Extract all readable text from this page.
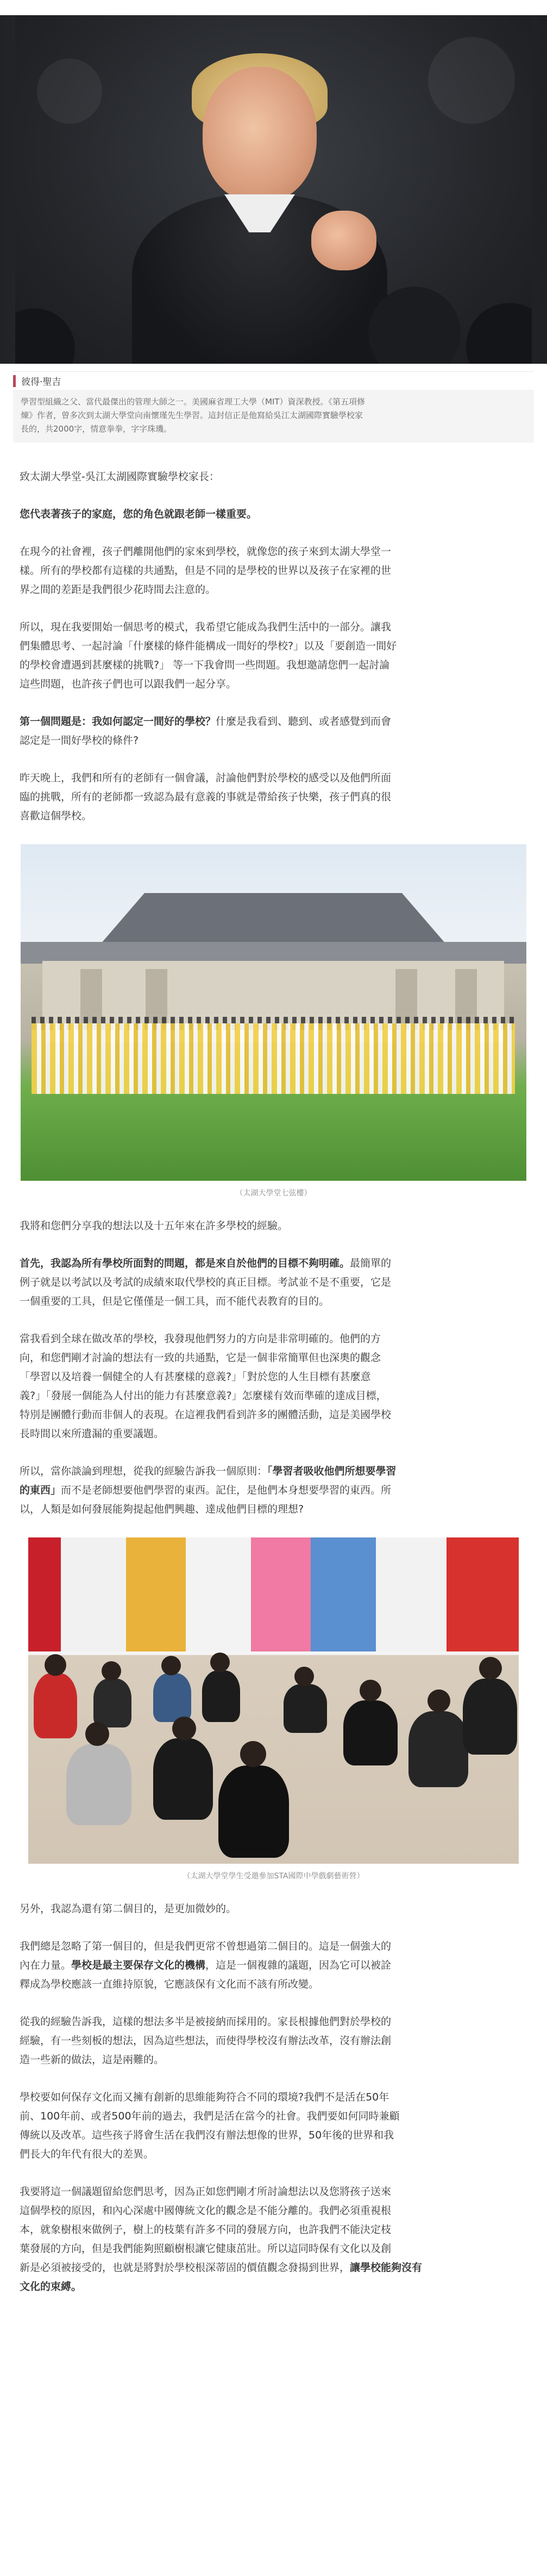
彼得·聖吉
學習型組織之父、當代最傑出的管理大師之一。美國麻省理工大學（MIT）資深教授。《第五項修
煉》作者，曾多次到太湖大學堂向南懷瑾先生學習。這封信正是他寫給吳江太湖國際實驗學校家
長的，共2000字，情意拳拳，字字珠璣。

致太湖大學堂-吳江太湖國際實驗學校家長：

您代表著孩子的家庭，您的角色就跟老師一樣重要。

在現今的社會裡，孩子們離開他們的家來到學校，就像您的孩子來到太湖大學堂一
樣。所有的學校都有這樣的共通點，但是不同的是學校的世界以及孩子在家裡的世
界之間的差距是我們很少花時間去注意的。

所以，現在我要開始一個思考的模式，我希望它能成為我們生活中的一部分。讓我
們集體思考、一起討論「什麼樣的條件能構成一間好的學校?」以及「要創造一間好
的學校會遭遇到甚麼樣的挑戰?」 等一下我會問一些問題。我想邀請您們一起討論
這些問題，也許孩子們也可以跟我們一起分享。

第一個問題是：我如何認定一間好的學校？什麼是我看到、聽到、或者感覺到而會
認定是一間好學校的條件?

昨天晚上，我們和所有的老師有一個會議，討論他們對於學校的感受以及他們所面
臨的挑戰，所有的老師都一致認為最有意義的事就是帶給孩子快樂，孩子們真的很
喜歡這個學校。

（太湖大學堂七弦樓）

我將和您們分享我的想法以及十五年來在許多學校的經驗。

首先，我認為所有學校所面對的問題，都是來自於他們的目標不夠明確。最簡單的
例子就是以考試以及考試的成績來取代學校的真正目標。考試並不是不重要，它是
一個重要的工具，但是它僅僅是一個工具，而不能代表教育的目的。

當我看到全球在做改革的學校，我發現他們努力的方向是非常明確的。他們的方
向，和您們剛才討論的想法有一致的共通點，它是一個非常簡單但也深奧的觀念
「學習以及培養一個健全的人有甚麼樣的意義?」「對於您的人生目標有甚麼意
義?」「發展一個能為人付出的能力有甚麼意義?」怎麼樣有效而準確的達成目標，
特別是團體行動而非個人的表現。在這裡我們看到許多的團體活動，這是美國學校
長時間以來所遺漏的重要議題。

所以，當你談論到理想，從我的經驗告訴我一個原則：「學習者吸收他們所想要學習
的東西」而不是老師想要他們學習的東西。記住，是他們本身想要學習的東西。所
以，人類是如何發展能夠提起他們興趣、達成他們目標的理想?

（太湖大學堂學生受邀參加STA國際中學戲劇藝術營）

另外，我認為還有第二個目的，是更加微妙的。

我們總是忽略了第一個目的，但是我們更常不曾想過第二個目的。這是一個強大的
內在力量。學校是最主要保存文化的機構，這是一個複雜的議題，因為它可以被詮
釋成為學校應該一直維持原貌，它應該保有文化而不該有所改變。

從我的經驗告訴我，這樣的想法多半是被接納而採用的。家長根據他們對於學校的
經驗，有一些刻板的想法，因為這些想法，而使得學校沒有辦法改革，沒有辦法創
造一些新的做法，這是兩難的。

學校要如何保存文化而又擁有創新的思維能夠符合不同的環境?我們不是活在50年
前、100年前、或者500年前的過去，我們是活在當今的社會。我們要如何同時兼顧
傳統以及改革。這些孩子將會生活在我們沒有辦法想像的世界，50年後的世界和我
們長大的年代有很大的差異。

我要將這一個議題留給您們思考，因為正如您們剛才所討論想法以及您將孩子送來
這個學校的原因，和內心深處中國傳統文化的觀念是不能分離的。我們必須重視根
本，就象樹根來做例子，樹上的枝葉有許多不同的發展方向，也許我們不能決定枝
葉發展的方向，但是我們能夠照顧樹根讓它健康茁壯。所以這同時保有文化以及創
新是必須被接受的，也就是將對於學校根深蒂固的價值觀念發揚到世界，讓學校能夠沒有
文化的束縛。
